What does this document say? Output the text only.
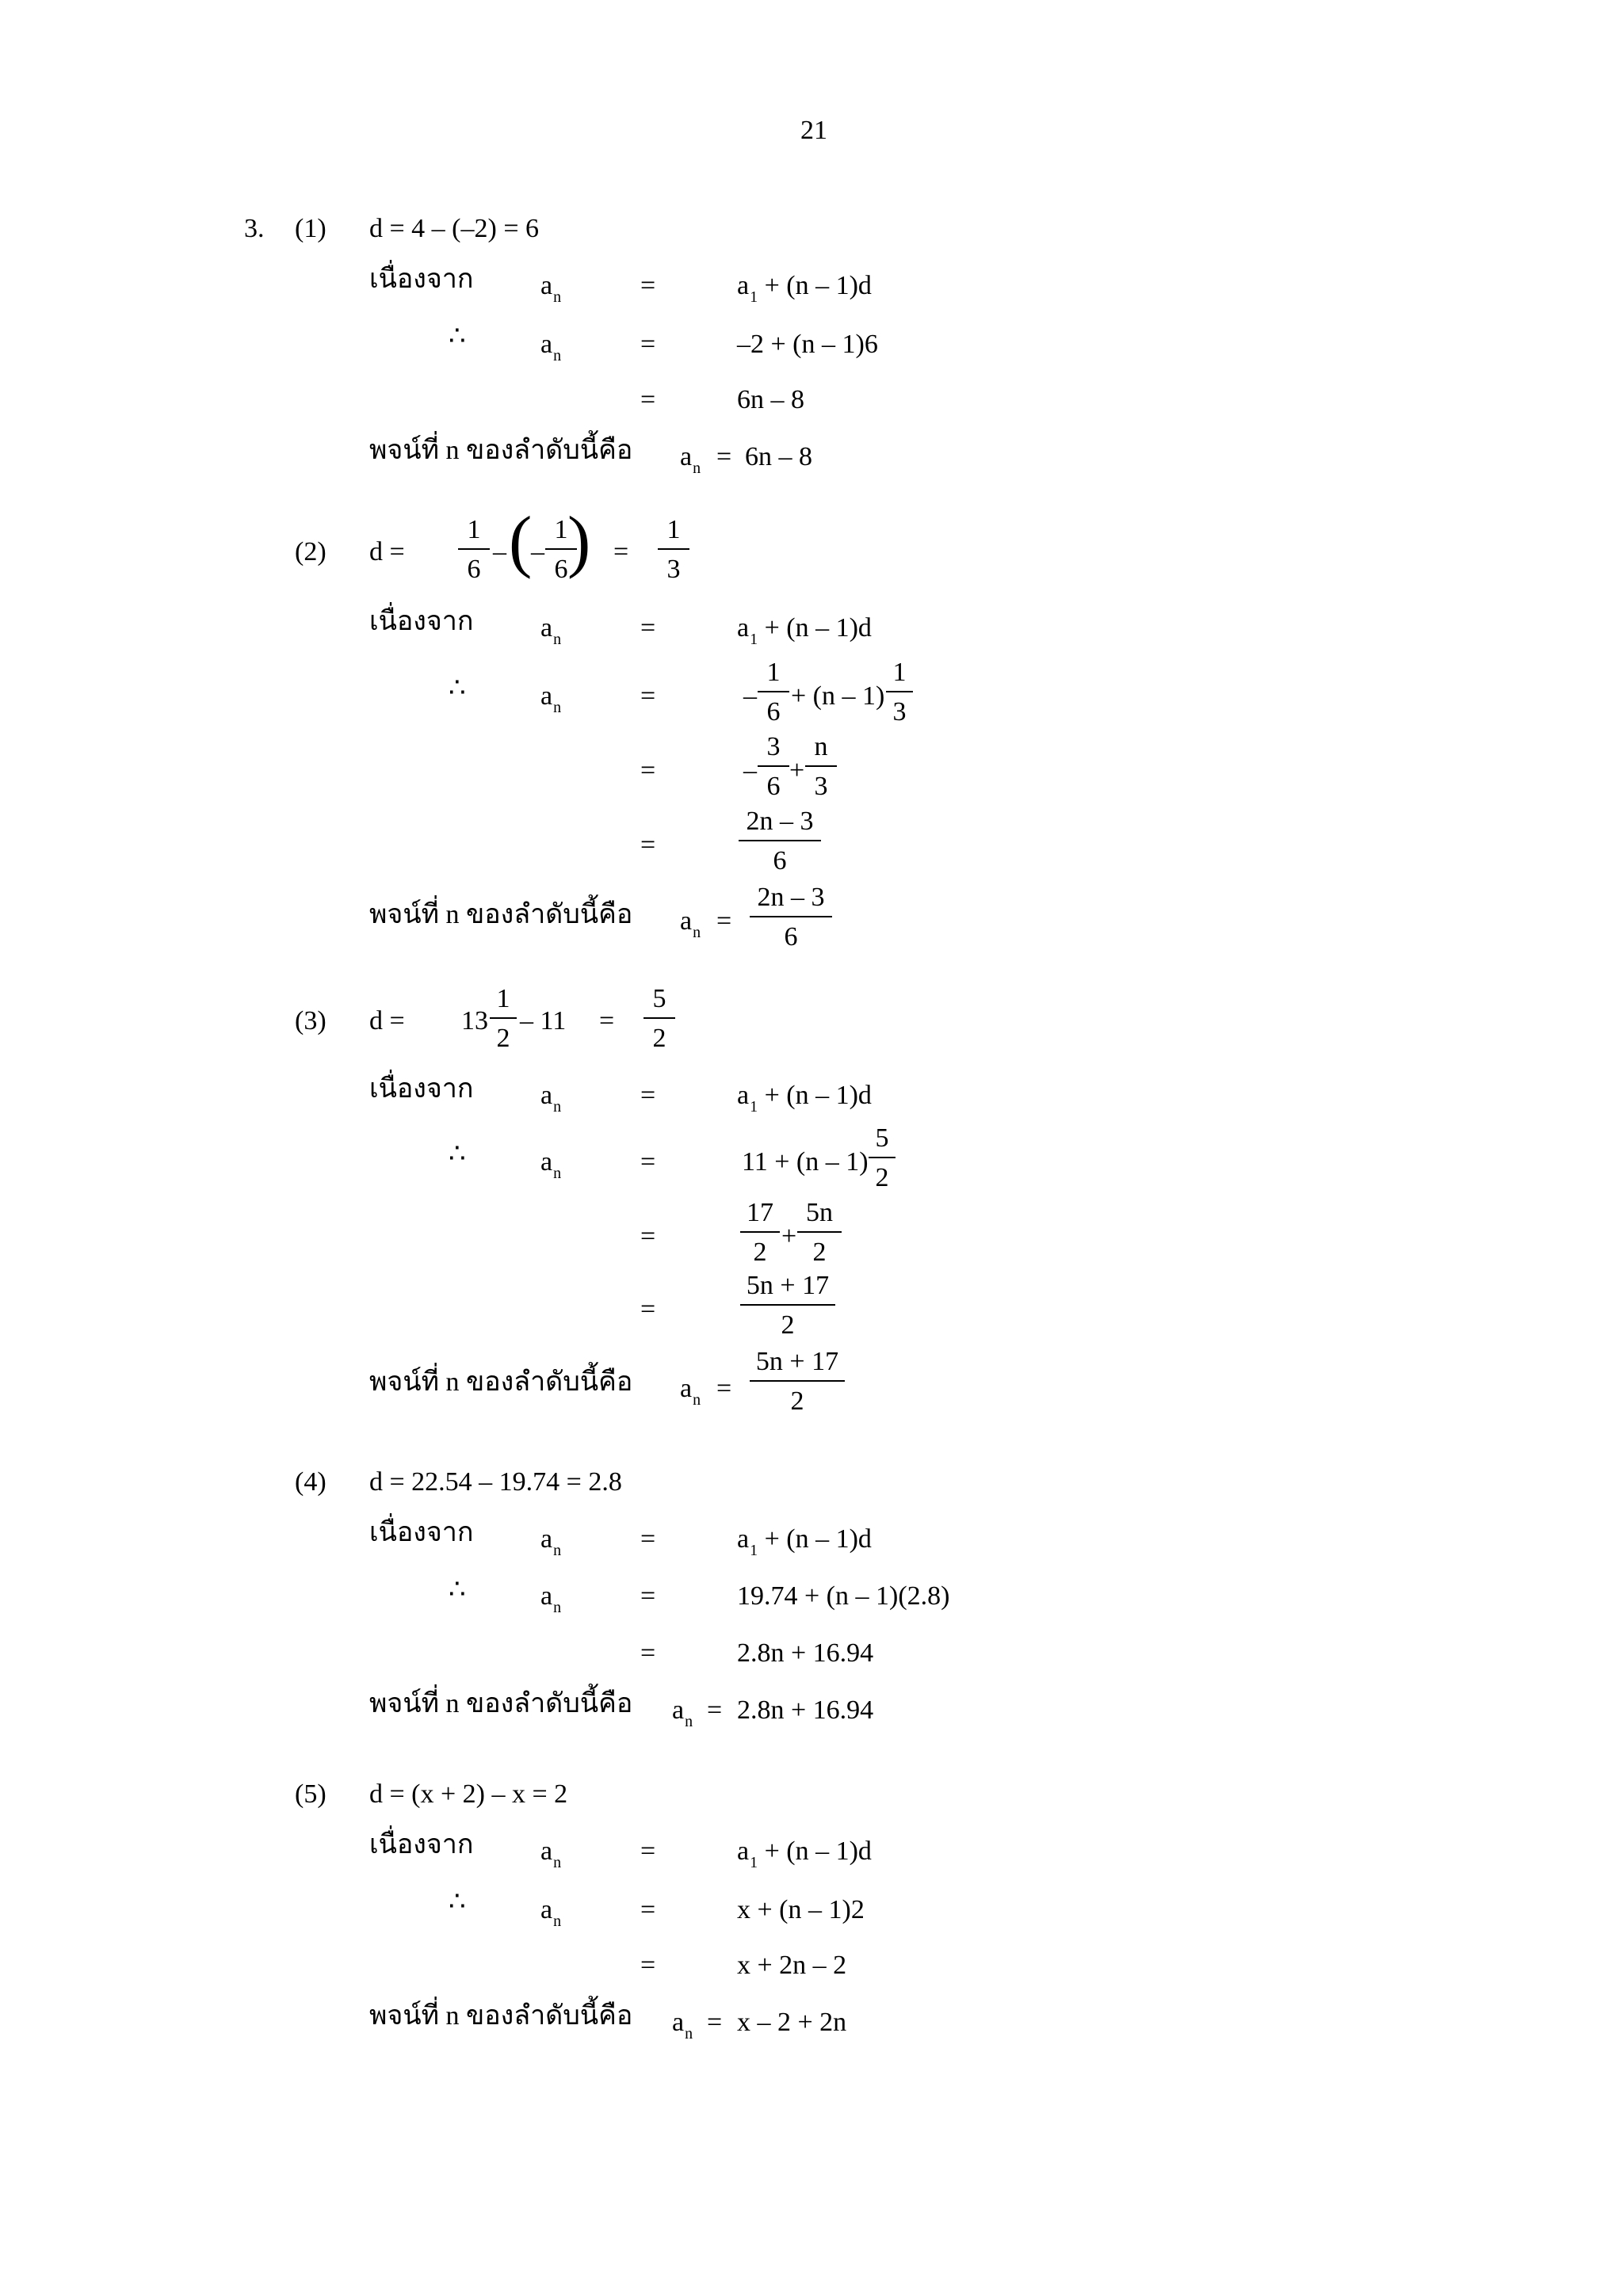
21
3. (1) d = 4 – (–2) = 6
เนื่องจาก $a_n$	=	$a_1 + (n - 1)d$
∴	$a_n$	=	–2 + (n – 1)6
=	6n – 8
พจน์ที่ n ของลำดับนี้คือ $a_n = 6n - 8$
(2) d =
1
6
– (
–
1
6 ) =
1
3
เนื่องจาก $a_n$	=	$a_1 + (n - 1)d$
∴	$a_n$	=	–
1
6
+ (n – 1)
1
3
=	–
3
6
+
n
3
=
2n – 3
6
พจน์ที่ n ของลำดับนี้คือ $a_n$ =
2n – 3
6
(3) d = 13
1
2
– 11 =
5
2
เนื่องจาก $a_n$	=	$a_1 + (n - 1)d$
∴	$a_n$	=	11 + (n – 1)
5
2
=
17
2
+
5n
2
=
5n + 17
2
พจน์ที่ n ของลำดับนี้คือ $a_n$ =
5n + 17
2
(4) d = 22.54 – 19.74 = 2.8
เนื่องจาก $a_n$	=	$a_1 + (n - 1)d$
∴	$a_n$	=	19.74 + (n – 1)(2.8)
=	2.8n + 16.94
พจน์ที่ n ของลำดับนี้คือ $a_n = 2.8n + 16.94$
(5) d = (x + 2) – x = 2
เนื่องจาก $a_n$	=	$a_1 + (n - 1)d$
∴	$a_n$	=	x + (n – 1)2
=	x + 2n – 2
พจน์ที่ n ของลำดับนี้คือ $a_n = x - 2 + 2n$
